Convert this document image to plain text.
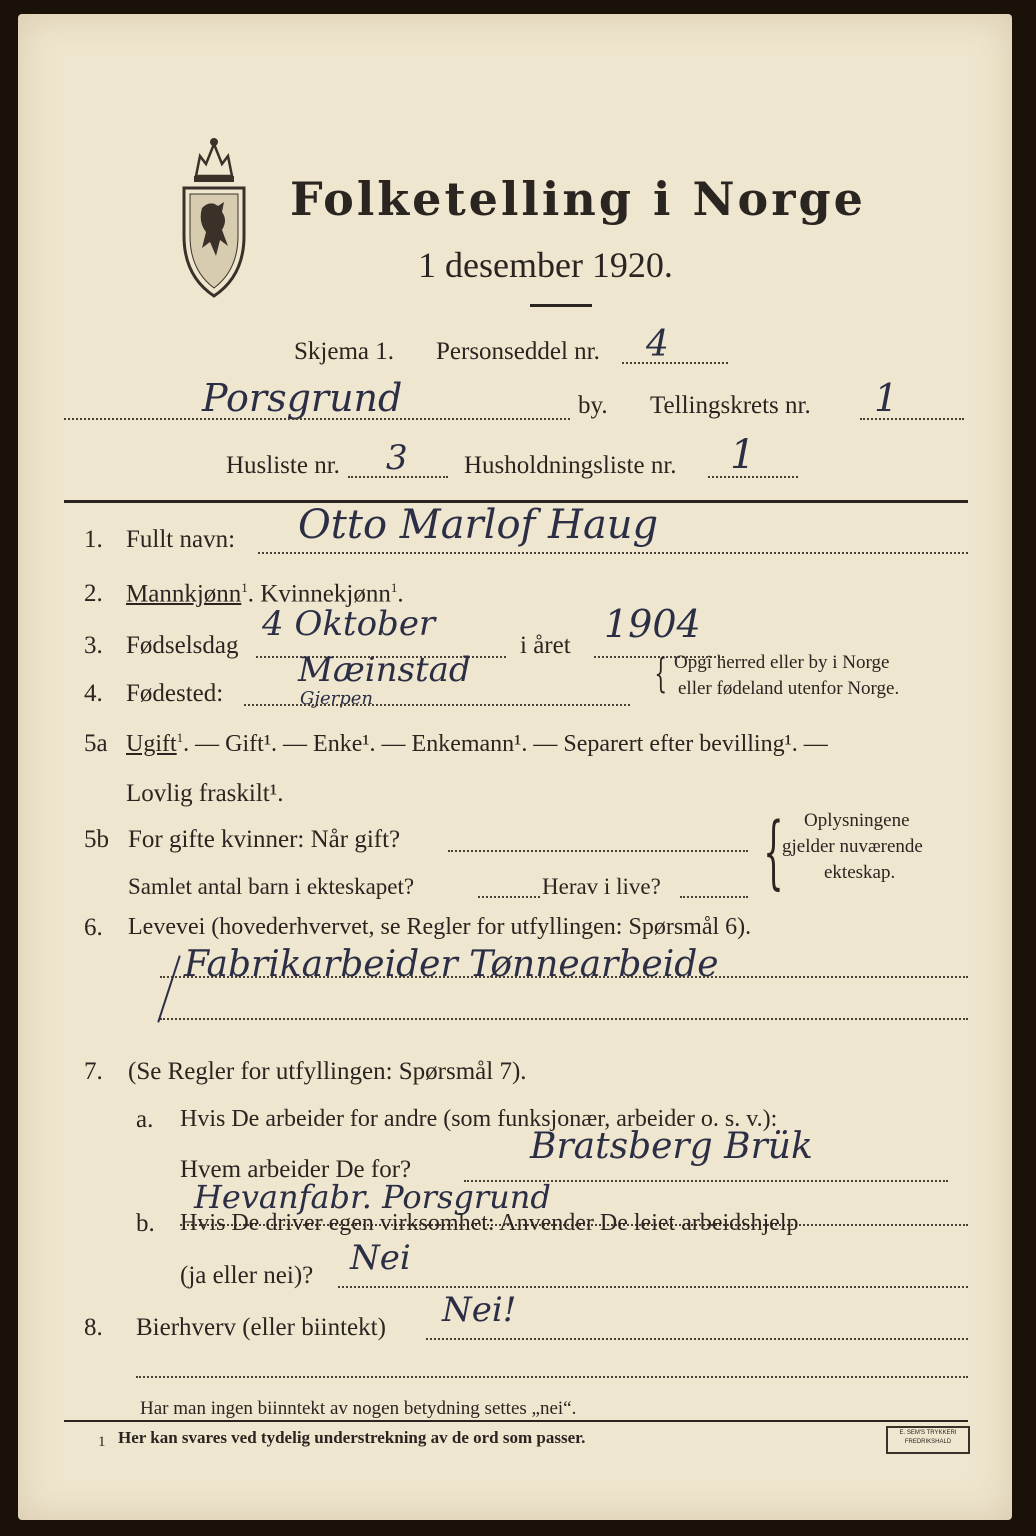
Folketelling i Norge
1 desember 1920.
Skjema 1. Personseddel nr. 4
Porsgrund	by. Tellingskrets nr. 1
Husliste nr. 3 Husholdningsliste nr. 1
1. Fullt navn: Otto Marlof Haug
2. Mannkjønn$^1$. Kvinnekjønn$^1$.
3. Fødselsdag
4 Oktober
i året 1904
4. Fødested:
Mæinstad
Gjerpen
{ Opgi herred eller by i Norge
eller fødeland utenfor Norge.
5a Ugift$^1$. — Gift¹. — Enke¹. — Enkemann¹. — Separert efter bevilling¹. —
Lovlig fraskilt¹.
5b For gifte kvinner: Når gift?
Samlet antal barn i ekteskapet?	Herav i live? { Oplysningene
gjelder nuværende
ekteskap.
6. Levevei (hovederhvervet, se Regler for utfyllingen: Spørsmål 6).
Fabrikarbeider Tønnearbeide
7. (Se Regler for utfyllingen: Spørsmål 7).
a. Hvis De arbeider for andre (som funksjonær, arbeider o. s. v.):
Hvem arbeider De for?
Bratsberg Brük
Hevanfabr. Porsgrund
b. Hvis De driver egen virksomhet: Anvender De leiet arbeidshjelp
(ja eller nei)? Nei
8. Bierhverv (eller biintekt) Nei!
Har man ingen biinntekt av nogen betydning settes „nei“.
1 Her kan svares ved tydelig understrekning av de ord som passer.	E. SEM'S TRYKKERI FREDRIKSHALD
